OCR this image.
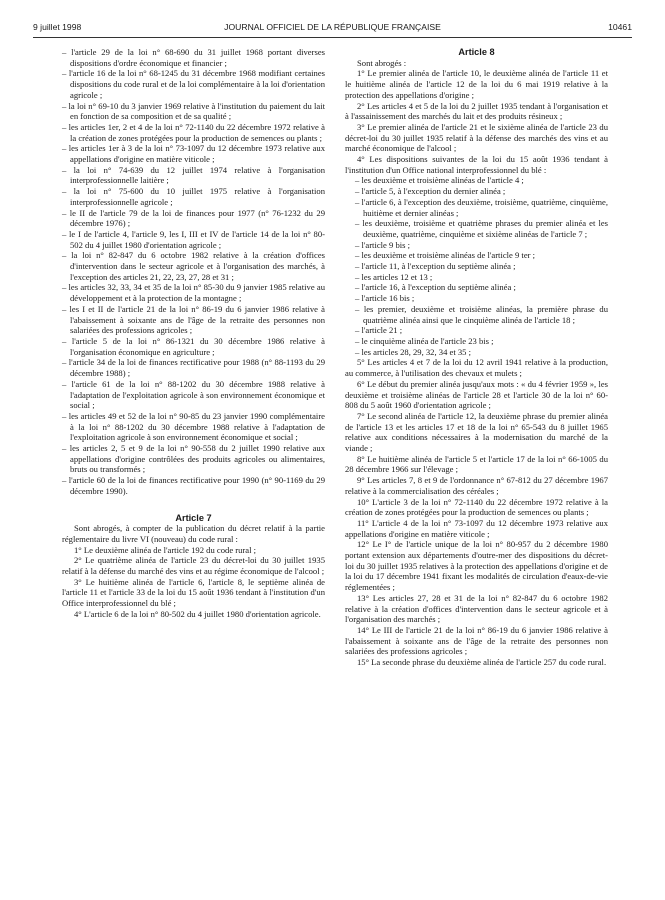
9 juillet 1998	JOURNAL OFFICIEL DE LA RÉPUBLIQUE FRANÇAISE	10461

– l'article 29 de la loi n° 68-690 du 31 juillet 1968 portant diverses dispositions d'ordre économique et financier ;

– l'article 16 de la loi n° 68-1245 du 31 décembre 1968 modifiant certaines dispositions du code rural et de la loi complémentaire à la loi d'orientation agricole ;

– la loi n° 69-10 du 3 janvier 1969 relative à l'institution du paiement du lait en fonction de sa composition et de sa qualité ;

– les articles 1er, 2 et 4 de la loi n° 72-1140 du 22 décembre 1972 relative à la création de zones protégées pour la production de semences ou plants ;

– les articles 1er à 3 de la loi n° 73-1097 du 12 décembre 1973 relative aux appellations d'origine en matière viticole ;

– la loi n° 74-639 du 12 juillet 1974 relative à l'organisation interprofessionnelle laitière ;

– la loi n° 75-600 du 10 juillet 1975 relative à l'organisation interprofessionnelle agricole ;

– le II de l'article 79 de la loi de finances pour 1977 (n° 76-1232 du 29 décembre 1976) ;

– le I de l'article 4, l'article 9, les I, III et IV de l'article 14 de la loi n° 80-502 du 4 juillet 1980 d'orientation agricole ;

– la loi n° 82-847 du 6 octobre 1982 relative à la création d'offices d'intervention dans le secteur agricole et à l'organisation des marchés, à l'exception des articles 21, 22, 23, 27, 28 et 31 ;

– les articles 32, 33, 34 et 35 de la loi n° 85-30 du 9 janvier 1985 relative au développement et à la protection de la montagne ;

– les I et II de l'article 21 de la loi n° 86-19 du 6 janvier 1986 relative à l'abaissement à soixante ans de l'âge de la retraite des personnes non salariées des professions agricoles ;

– l'article 5 de la loi n° 86-1321 du 30 décembre 1986 relative à l'organisation économique en agriculture ;

– l'article 34 de la loi de finances rectificative pour 1988 (n° 88-1193 du 29 décembre 1988) ;

– l'article 61 de la loi n° 88-1202 du 30 décembre 1988 relative à l'adaptation de l'exploitation agricole à son environnement économique et social ;

– les articles 49 et 52 de la loi n° 90-85 du 23 janvier 1990 complémentaire à la loi n° 88-1202 du 30 décembre 1988 relative à l'adaptation de l'exploitation agricole à son environnement économique et social ;

– les articles 2, 5 et 9 de la loi n° 90-558 du 2 juillet 1990 relative aux appellations d'origine contrôlées des produits agricoles ou alimentaires, bruts ou transformés ;

– l'article 60 de la loi de finances rectificative pour 1990 (n° 90-1169 du 29 décembre 1990).

Article 7

Sont abrogés, à compter de la publication du décret relatif à la partie réglementaire du livre VI (nouveau) du code rural :

1° Le deuxième alinéa de l'article 192 du code rural ;

2° Le quatrième alinéa de l'article 23 du décret-loi du 30 juillet 1935 relatif à la défense du marché des vins et au régime économique de l'alcool ;

3° Le huitième alinéa de l'article 6, l'article 8, le septième alinéa de l'article 11 et l'article 33 de la loi du 15 août 1936 tendant à l'institution d'un Office interprofessionnel du blé ;

4° L'article 6 de la loi n° 80-502 du 4 juillet 1980 d'orientation agricole.

Article 8

Sont abrogés :

1° Le premier alinéa de l'article 10, le deuxième alinéa de l'article 11 et le huitième alinéa de l'article 12 de la loi du 6 mai 1919 relative à la protection des appellations d'origine ;

2° Les articles 4 et 5 de la loi du 2 juillet 1935 tendant à l'organisation et à l'assainissement des marchés du lait et des produits résineux ;

3° Le premier alinéa de l'article 21 et le sixième alinéa de l'article 23 du décret-loi du 30 juillet 1935 relatif à la défense des marchés des vins et au marché économique de l'alcool ;

4° Les dispositions suivantes de la loi du 15 août 1936 tendant à l'institution d'un Office national interprofessionnel du blé :

– les deuxième et troisième alinéas de l'article 4 ;

– l'article 5, à l'exception du dernier alinéa ;

– l'article 6, à l'exception des deuxième, troisième, quatrième, cinquième, huitième et dernier alinéas ;

– les deuxième, troisième et quatrième phrases du premier alinéa et les deuxième, quatrième, cinquième et sixième alinéas de l'article 7 ;

– l'article 9 bis ;

– les deuxième et troisième alinéas de l'article 9 ter ;

– l'article 11, à l'exception du septième alinéa ;

– les articles 12 et 13 ;

– l'article 16, à l'exception du septième alinéa ;

– l'article 16 bis ;

– les premier, deuxième et troisième alinéas, la première phrase du quatrième alinéa ainsi que le cinquième alinéa de l'article 18 ;

– l'article 21 ;

– le cinquième alinéa de l'article 23 bis ;

– les articles 28, 29, 32, 34 et 35 ;

5° Les articles 4 et 7 de la loi du 12 avril 1941 relative à la production, au commerce, à l'utilisation des chevaux et mulets ;

6° Le début du premier alinéa jusqu'aux mots : « du 4 février 1959 », les deuxième et troisième alinéas de l'article 28 et l'article 30 de la loi n° 60-808 du 5 août 1960 d'orientation agricole ;

7° Le second alinéa de l'article 12, la deuxième phrase du premier alinéa de l'article 13 et les articles 17 et 18 de la loi n° 65-543 du 8 juillet 1965 relative aux conditions nécessaires à la modernisation du marché de la viande ;

8° Le huitième alinéa de l'article 5 et l'article 17 de la loi n° 66-1005 du 28 décembre 1966 sur l'élevage ;

9° Les articles 7, 8 et 9 de l'ordonnance n° 67-812 du 27 décembre 1967 relative à la commercialisation des céréales ;

10° L'article 3 de la loi n° 72-1140 du 22 décembre 1972 relative à la création de zones protégées pour la production de semences ou plants ;

11° L'article 4 de la loi n° 73-1097 du 12 décembre 1973 relative aux appellations d'origine en matière viticole ;

12° Le I° de l'article unique de la loi n° 80-957 du 2 décembre 1980 portant extension aux départements d'outre-mer des dispositions du décret-loi du 30 juillet 1935 relatives à la protection des appellations d'origine et de la loi du 17 décembre 1941 fixant les modalités de circulation d'eaux-de-vie réglementées ;

13° Les articles 27, 28 et 31 de la loi n° 82-847 du 6 octobre 1982 relative à la création d'offices d'intervention dans le secteur agricole et à l'organisation des marchés ;

14° Le III de l'article 21 de la loi n° 86-19 du 6 janvier 1986 relative à l'abaissement à soixante ans de l'âge de la retraite des personnes non salariées des professions agricoles ;

15° La seconde phrase du deuxième alinéa de l'article 257 du code rural.
